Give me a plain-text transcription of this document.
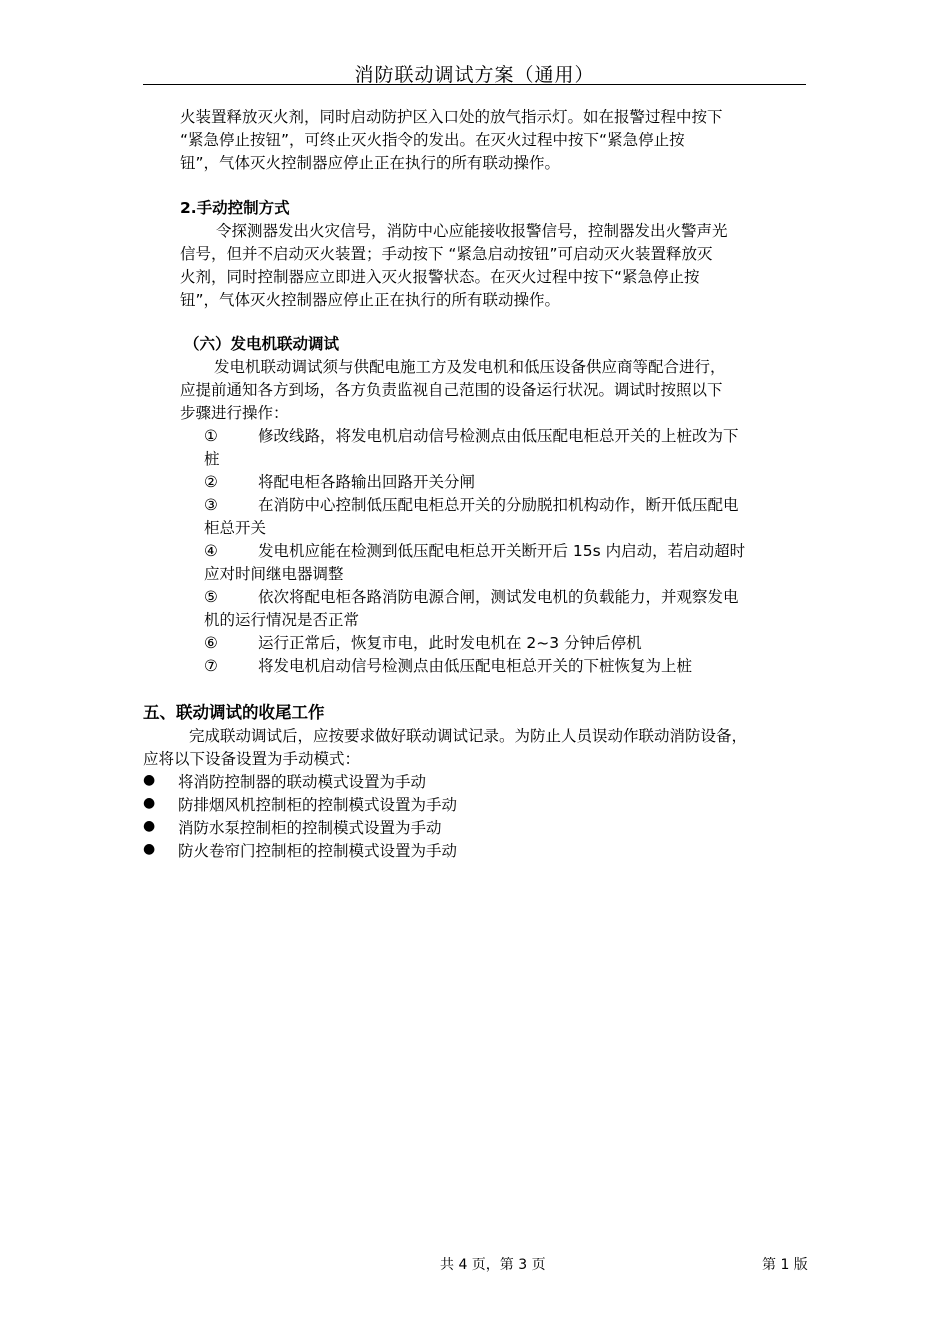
消防联动调试方案（通用）
火装置释放灭火剂，同时启动防护区入口处的放气指示灯。如在报警过程中按下
“紧急停止按钮”，可终止灭火指令的发出。在灭火过程中按下“紧急停止按
钮”，气体灭火控制器应停止正在执行的所有联动操作。
2.手动控制方式
令探测器发出火灾信号，消防中心应能接收报警信号，控制器发出火警声光
信号，但并不启动灭火装置；手动按下 “紧急启动按钮”可启动灭火装置释放灭
火剂，同时控制器应立即进入灭火报警状态。在灭火过程中按下“紧急停止按
钮”，气体灭火控制器应停止正在执行的所有联动操作。
（六）发电机联动调试
发电机联动调试须与供配电施工方及发电机和低压设备供应商等配合进行，
应提前通知各方到场，各方负责监视自己范围的设备运行状况。调试时按照以下
步骤进行操作：
①	修改线路，将发电机启动信号检测点由低压配电柜总开关的上桩改为下
桩
②	将配电柜各路输出回路开关分闸
③	在消防中心控制低压配电柜总开关的分励脱扣机构动作，断开低压配电
柜总开关
④	发电机应能在检测到低压配电柜总开关断开后 15s 内启动，若启动超时
应对时间继电器调整
⑤	依次将配电柜各路消防电源合闸，测试发电机的负载能力，并观察发电
机的运行情况是否正常
⑥	运行正常后，恢复市电，此时发电机在 2~3 分钟后停机
⑦	将发电机启动信号检测点由低压配电柜总开关的下桩恢复为上桩
五、联动调试的收尾工作
完成联动调试后，应按要求做好联动调试记录。为防止人员误动作联动消防设备，
应将以下设备设置为手动模式：
● 将消防控制器的联动模式设置为手动
● 防排烟风机控制柜的控制模式设置为手动
● 消防水泵控制柜的控制模式设置为手动
● 防火卷帘门控制柜的控制模式设置为手动
共 4 页，第 3 页	第 1 版
